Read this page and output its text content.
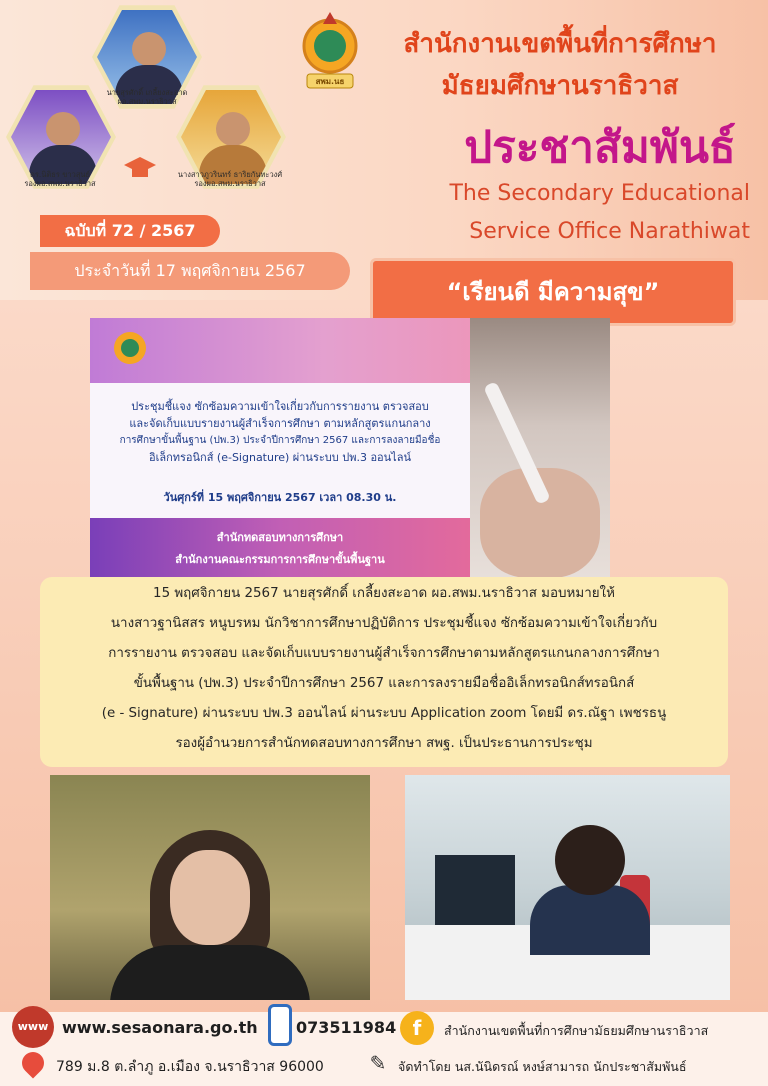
นายสุรศักดิ์ เกลี้ยงสะอาด
ผอ.สพม.นราธิวาส
ดร.นิติธร ขาวสุนย์
รองผอ.สพม.นราธิวาส
นางสาวภูวรินทร์ ธาริยกันทะวงศ์
รองผอ.สพม.นราธิวาส
สพม.นธ
สำนักงานเขตพื้นที่การศึกษา
มัธยมศึกษานราธิวาส
ประชาสัมพันธ์
The Secondary Educational
Service Office Narathiwat
ฉบับที่ 72 / 2567
ประจำวันที่ 17 พฤศจิกายน 2567
“เรียนดี มีความสุข”
ประชุมชี้แจง ซักซ้อมความเข้าใจเกี่ยวกับการรายงาน ตรวจสอบ
และจัดเก็บแบบรายงานผู้สำเร็จการศึกษา ตามหลักสูตรแกนกลาง
การศึกษาขั้นพื้นฐาน (ปพ.3) ประจำปีการศึกษา 2567 และการลงลายมือชื่อ
อิเล็กทรอนิกส์ (e-Signature) ผ่านระบบ ปพ.3 ออนไลน์
วันศุกร์ที่ 15 พฤศจิกายน 2567 เวลา 08.30 น.
สำนักทดสอบทางการศึกษา
สำนักงานคณะกรรมการการศึกษาขั้นพื้นฐาน

15 พฤศจิกายน 2567 นายสุรศักดิ์ เกลี้ยงสะอาด ผอ.สพม.นราธิวาส มอบหมายให้

นางสาวฐานิสสร หนูบรหม นักวิชาการศึกษาปฏิบัติการ ประชุมชี้แจง ซักซ้อมความเข้าใจเกี่ยวกับ

การรายงาน ตรวจสอบ และจัดเก็บแบบรายงานผู้สำเร็จการศึกษาตามหลักสูตรแกนกลางการศึกษา

ขั้นพื้นฐาน (ปพ.3) ประจำปีการศึกษา 2567 และการลงรายมือชื่ออิเล็กทรอนิกส์ทรอนิกส์

(e - Signature) ผ่านระบบ ปพ.3 ออนไลน์ ผ่านระบบ Application zoom โดยมี ดร.ณัฐา เพชรธนู

รองผู้อำนวยการสำนักทดสอบทางการศึกษา สพฐ. เป็นประธานการประชุม

www www.sesaonara.go.th 073511984 f	สำนักงานเขตพื้นที่การศึกษามัธยมศึกษานราธิวาส
789 ม.8 ต.ลำภู อ.เมือง จ.นราธิวาส 96000 ✎ จัดทำโดย นส.นันิดรณ์ หงษ์สามารถ นักประชาสัมพันธ์
